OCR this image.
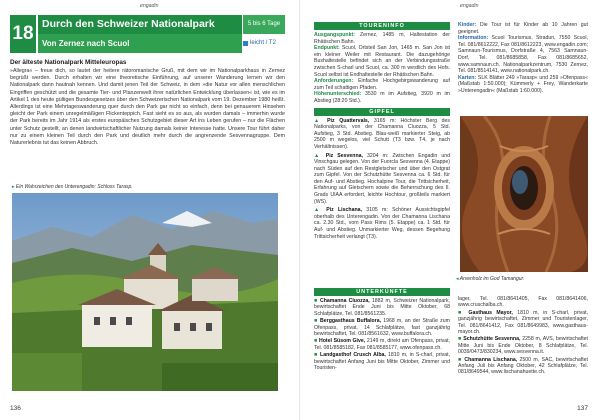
engadin
18 Durch den Schweizer Nationalpark	5 bis 6 Tage
Von Zernez nach Scuol	leicht / T2
Der älteste Nationalpark Mitteleuropas
»Allegra« – freue dich, so lautet der heitere rätoromanische Gruß, mit dem wir im Nationalparkhaus in Zernez begrüßt werden. Durch erhalten wir eine theoretische Einführung, auf unserer Wanderung lernen wir den Nationalpark dann hautnah kennen. Und damit jenen Teil der Schweiz, in dem »die Natur vor allen menschlichen Eingriffen geschützt und die gesamte Tier- und Planzenwelt ihrer natürlichen Entwicklung überlassen« ist, wie es im Artikel 1 des heute gültigen Bundesgesetzes über den Schweizerischen Nationalpark vom 19. Dezember 1980 heißt. Allerdings ist eine Mehrtageswanderung quer durch den Park gar nicht so einfach, denn bei genauerem Hinsehen gleicht der Park einem unregelmäßigen Flickenteppich. Fast sieht es so aus, als wurden damals – immerhin wurde der Park bereits im Jahr 1914 als erstes europäisches Schutzgebiet dieser Art ins Leben gerufen – nur die Flächen unter Schutz gestellt, an denen landwirtschaftlicher Nutzung damals keiner Interesse hatte. Unsere Tour führt daher nur zu einem kleinen Teil durch den Park und deutlich mehr durch die angrenzende Sesvennagruppe. Dem Naturerlebnis tut das keinen Abbruch.
▸ Ein Wahrzeichen des Unterengadin: Schloss Tarasp.
136
engadin
TOURENINFO
Ausgangspunkt: Zernez, 1485 m, Haltestation der Rhätischen Bahn.
Endpunkt: Scuol, Ortsteil San Jon, 1465 m. San Jon ist ein kleiner Weiler mit Restaurant. Die dazugehörige Bushaltestelle befindet sich an der Verbindungsstraße zwischen S-charl und Scuol, ca. 300 m westlich des Hofs. Scuol selbst ist Endhaltestelle der Rhätischen Bahn.
Anforderungen: Einfache Hochgebirgswanderung auf zum Teil schattigen Pfaden.
Höhenunterschied: 3530 m im Aufstieg, 3920 m im Abstieg (28:20 Std.).
GIPFEL
▲ Piz Quattervals, 3165 m: Höchster Berg des Nationalparks, von der Chamanna Cluozza, 5 Std. Aufstieg, 3 Std. Abstieg. Blau-weiß markierter Steig, ab 2500 m wegelos, viel Schutt (T3 bzw. T4, je nach Verhältnissen).
▲ Piz Sesvenna, 3204 m: Zwischen Engadin und Vinschgau gelegen. Von der Fuorcla Sesvenna (4. Etappe) nach Süden auf den Restgletscher und über den Ostgrat zum Gipfel. Von der Schutzhütte Sesvenna ca. 6 Std. für den Auf- und Abstieg. Hochalpine Tour, die Trittsicherheit, Erfahrung auf Gletschern sowie die Beherrschung des II. Grads UIAA erfordert, leichte Hochtour, großteils markiert (WS).
▲ Piz Lischana, 3105 m: Schöner Aussichtsgipfel oberhalb des Unterengadin. Von der Chamanna Lischana ca. 2.30 Std., vom Pass Rims (5. Etappe) ca. 1 Std. für Auf- und Abstieg. Unmarkierter Weg, dessen Begehung Trittsicherheit verlangt (T3).
Kinder: Die Tour ist für Kinder ab 10 Jahren gut geeignet.
Information: Scuol Tourismus, Stradun, 7550 Scuol, Tel. 081/8612222, Fax 081/8612223, www.engadin.com; Samnaun-Tourismus, Dorfstraße 4, 7563 Samnaun-Dorf, Tel. 081/8685858, Fax 081/8685652, www.samnaun.ch. Nationalparkzentrum, 7530 Zernez, Tel. 081/8514141, www.nationalpark.ch.
Karten: SLK Blätter 249 »Tarasp« und 259 »Ofenpass« (Maßstab 1:50.000); Kümmerly + Frey, Wanderkarte »Unterengadin« (Maßstab 1:60.000).
◂ Arvenholz im God Tamangur.
UNTERKÜNFTE
■ Chamanna Cluozza, 1882 m, Schweizer Nationalpark, bewirtschaftet Ende Juni bis Mitte Oktober, 68 Schlafplätze, Tel. 081/8561235.
■ Berggasthaus Buffalora, 1968 m, an der Straße zum Ofenpass, privat, 14 Schlafplätze, fast ganzjährig bewirtschaftet, Tel. 081/8561632, www.buffalora.ch.
■ Hotel Süsom Give, 2149 m, direkt am Ofenpass, privat, Tel. 081/8585182, Fax 081/8585177, www.ofenpass.ch.
■ Landgasthof Crusch Alba, 1810 m, in S-charl, privat, bewirtschaftet Anfang Juni bis Mitte Oktober, Zimmer und Touristen-
lager, Tel. 081/8641405, Fax 081/8641406, www.cruschalba.ch.
■ Gasthaus Mayor, 1810 m, in S-charl, privat, ganzjährig bewirtschaftet, Zimmer und Touristenlager, Tel. 081/8641412, Fax 081/8649983, www.gasthaus-mayor.ch.
■ Schutzhütte Sesvenna, 2258 m, AVS, bewirtschaftet Mitte Juni bis Ende Oktober, 8 Schlafplätze, Tel. 0039/0473/830234, www.sesvenna.it.
■ Chamanna Lischana, 2500 m, SAC, bewirtschaftet Anfang Juli bis Anfang Oktober, 42 Schlafplätze, Tel. 081/8649544, www.lischanahuette.ch.
137
